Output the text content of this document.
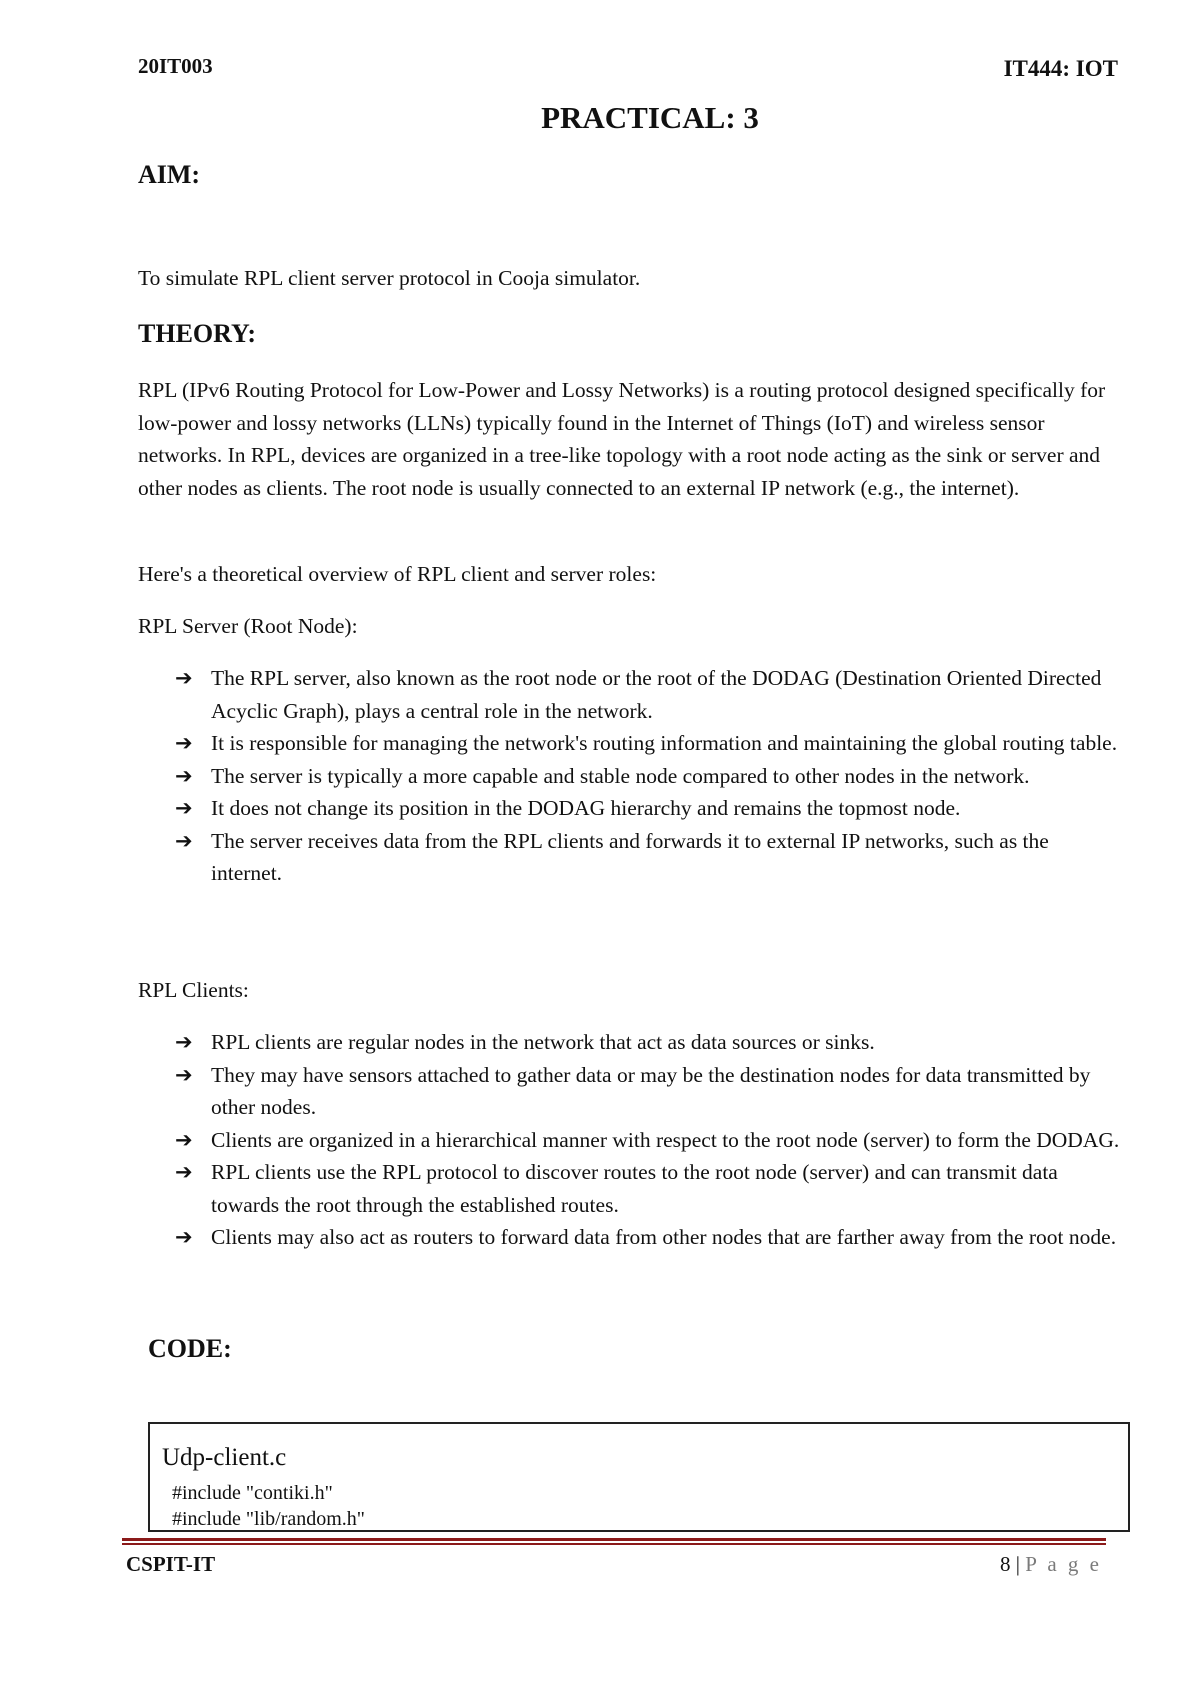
20IT003	IT444: IOT
PRACTICAL: 3
AIM:
To simulate RPL client server protocol in Cooja simulator.
THEORY:
RPL (IPv6 Routing Protocol for Low-Power and Lossy Networks) is a routing protocol designed specifically for low-power and lossy networks (LLNs) typically found in the Internet of Things (IoT) and wireless sensor networks. In RPL, devices are organized in a tree-like topology with a root node acting as the sink or server and other nodes as clients. The root node is usually connected to an external IP network (e.g., the internet).
Here's a theoretical overview of RPL client and server roles:
RPL Server (Root Node):
➔ The RPL server, also known as the root node or the root of the DODAG (Destination Oriented Directed Acyclic Graph), plays a central role in the network.
➔ It is responsible for managing the network's routing information and maintaining the global routing table.
➔ The server is typically a more capable and stable node compared to other nodes in the network.
➔ It does not change its position in the DODAG hierarchy and remains the topmost node.
➔ The server receives data from the RPL clients and forwards it to external IP networks, such as the internet.
RPL Clients:
➔ RPL clients are regular nodes in the network that act as data sources or sinks.
➔ They may have sensors attached to gather data or may be the destination nodes for data transmitted by other nodes.
➔ Clients are organized in a hierarchical manner with respect to the root node (server) to form the DODAG.
➔ RPL clients use the RPL protocol to discover routes to the root node (server) and can transmit data towards the root through the established routes.
➔ Clients may also act as routers to forward data from other nodes that are farther away from the root node.
CODE:
Udp-client.c
#include "contiki.h"
#include "lib/random.h"
CSPIT-IT	8 | P a g e
